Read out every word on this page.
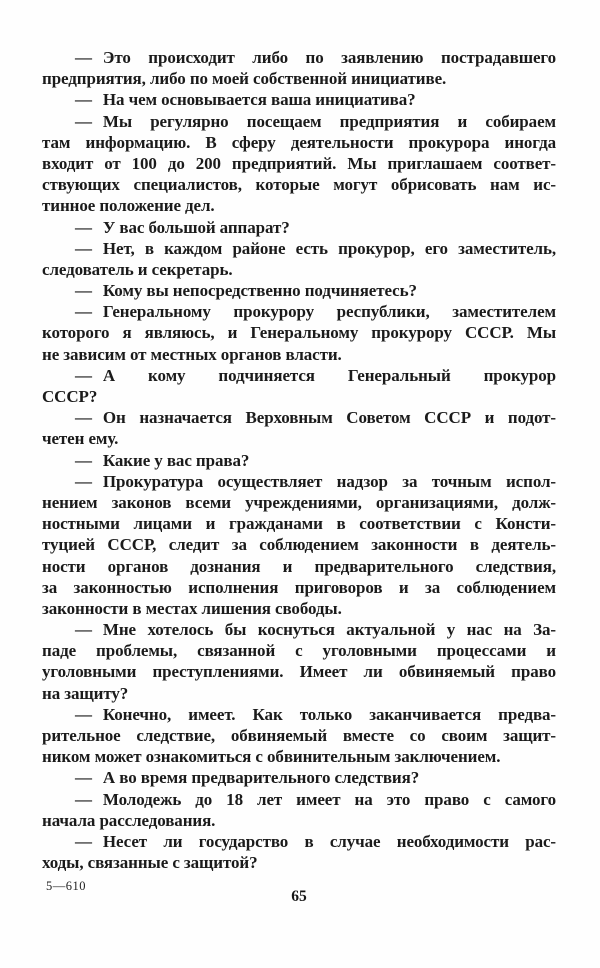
— Это происходит либо по заявлению пострадавшего
предприятия, либо по моей собственной инициативе.
— На чем основывается ваша инициатива?
— Мы регулярно посещаем предприятия и собираем
там информацию. В сферу деятельности прокурора иногда
входит от 100 до 200 предприятий. Мы приглашаем соответ-
ствующих специалистов, которые могут обрисовать нам ис-
тинное положение дел.
— У вас большой аппарат?
— Нет, в каждом районе есть прокурор, его заместитель,
следователь и секретарь.
— Кому вы непосредственно подчиняетесь?
— Генеральному прокурору республики, заместителем
которого я являюсь, и Генеральному прокурору СССР. Мы
не зависим от местных органов власти.
— А кому подчиняется Генеральный прокурор
СССР?
— Он назначается Верховным Советом СССР и подот-
четен ему.
— Какие у вас права?
— Прокуратура осуществляет надзор за точным испол-
нением законов всеми учреждениями, организациями, долж-
ностными лицами и гражданами в соответствии с Консти-
туцией СССР, следит за соблюдением законности в деятель-
ности органов дознания и предварительного следствия,
за законностью исполнения приговоров и за соблюдением
законности в местах лишения свободы.
— Мне хотелось бы коснуться актуальной у нас на За-
паде проблемы, связанной с уголовными процессами и
уголовными преступлениями. Имеет ли обвиняемый право
на защиту?
— Конечно, имеет. Как только заканчивается предва-
рительное следствие, обвиняемый вместе со своим защит-
ником может ознакомиться с обвинительным заключением.
— А во время предварительного следствия?
— Молодежь до 18 лет имеет на это право с самого
начала расследования.
— Несет ли государство в случае необходимости рас-
ходы, связанные с защитой?
5—610
65
